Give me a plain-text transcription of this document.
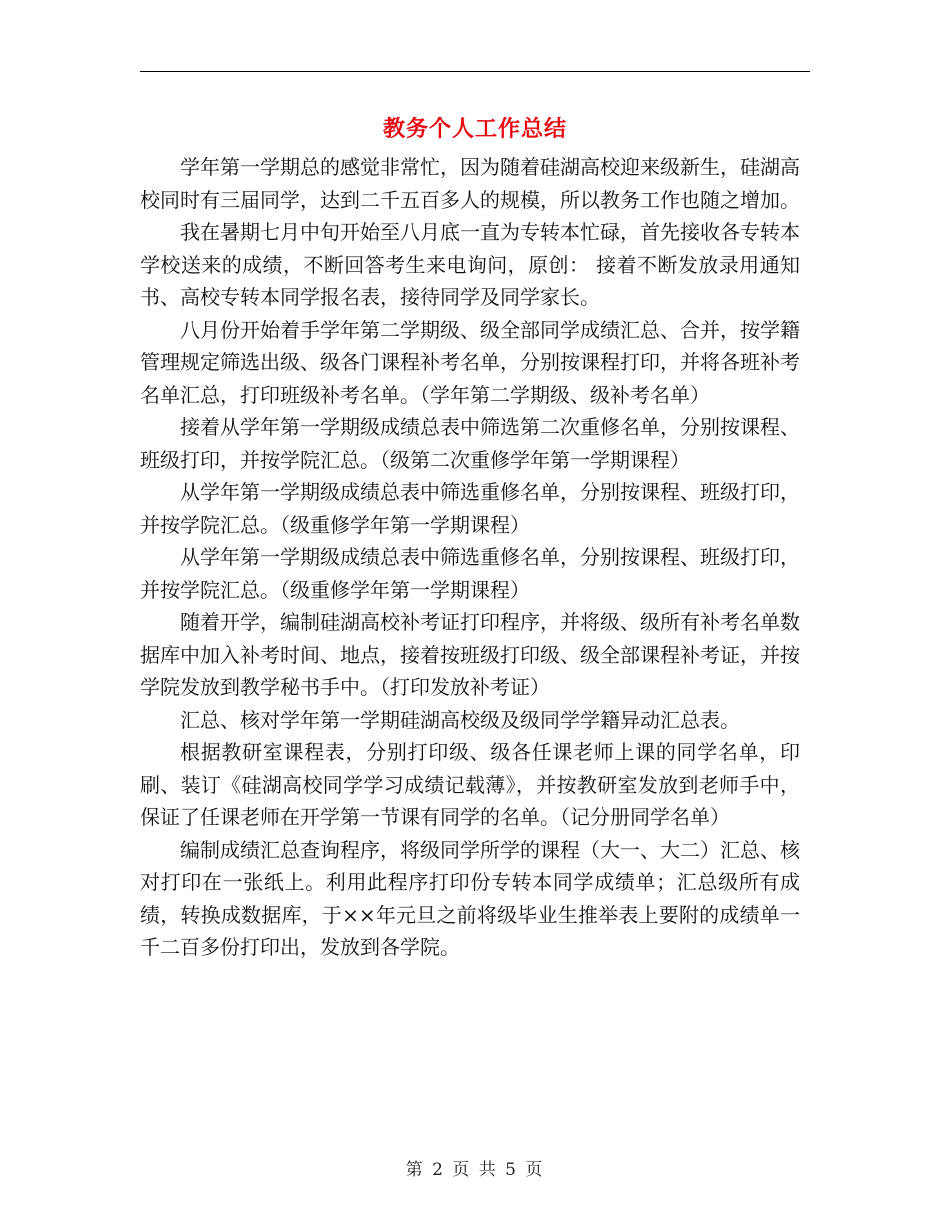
教务个人工作总结

学年第一学期总的感觉非常忙，因为随着硅湖高校迎来级新生，硅湖高校同时有三届同学，达到二千五百多人的规模，所以教务工作也随之增加。

我在暑期七月中旬开始至八月底一直为专转本忙碌，首先接收各专转本学校送来的成绩，不断回答考生来电询问，原创： 接着不断发放录用通知书、高校专转本同学报名表，接待同学及同学家长。

八月份开始着手学年第二学期级、级全部同学成绩汇总、合并，按学籍管理规定筛选出级、级各门课程补考名单，分别按课程打印，并将各班补考名单汇总，打印班级补考名单。（学年第二学期级、级补考名单）

接着从学年第一学期级成绩总表中筛选第二次重修名单，分别按课程、班级打印，并按学院汇总。（级第二次重修学年第一学期课程）

从学年第一学期级成绩总表中筛选重修名单，分别按课程、班级打印，并按学院汇总。（级重修学年第一学期课程）

从学年第一学期级成绩总表中筛选重修名单，分别按课程、班级打印，并按学院汇总。（级重修学年第一学期课程）

随着开学，编制硅湖高校补考证打印程序，并将级、级所有补考名单数据库中加入补考时间、地点，接着按班级打印级、级全部课程补考证，并按学院发放到教学秘书手中。（打印发放补考证）

汇总、核对学年第一学期硅湖高校级及级同学学籍异动汇总表。

根据教研室课程表，分别打印级、级各任课老师上课的同学名单，印刷、装订《硅湖高校同学学习成绩记载薄》，并按教研室发放到老师手中，保证了任课老师在开学第一节课有同学的名单。（记分册同学名单）

编制成绩汇总查询程序，将级同学所学的课程（大一、大二）汇总、核对打印在一张纸上。利用此程序打印份专转本同学成绩单；汇总级所有成绩，转换成数据库，于××年元旦之前将级毕业生推举表上要附的成绩单一千二百多份打印出，发放到各学院。

第 2 页 共 5 页
